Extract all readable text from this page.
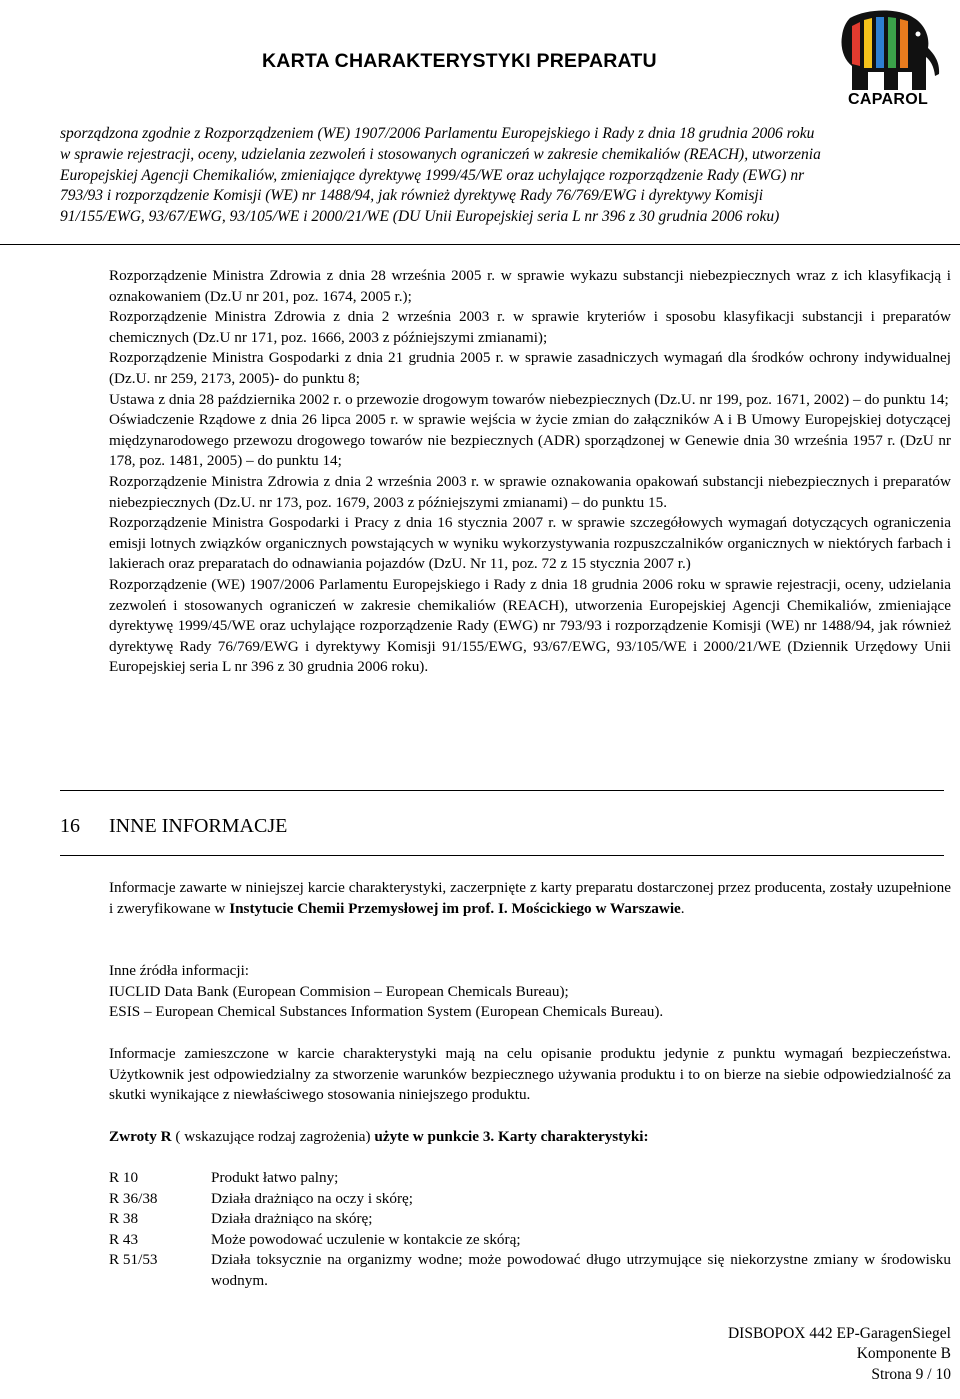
KARTA CHARAKTERYSTYKI PREPARATU
CAPAROL
sporządzona zgodnie z Rozporządzeniem (WE) 1907/2006 Parlamentu Europejskiego i Rady z dnia 18 grudnia 2006 roku
w sprawie rejestracji, oceny, udzielania zezwoleń i stosowanych ograniczeń w zakresie chemikaliów (REACH), utworzenia
Europejskiej Agencji Chemikaliów, zmieniające dyrektywę 1999/45/WE oraz uchylające rozporządzenie Rady (EWG) nr
793/93 i rozporządzenie Komisji (WE) nr 1488/94, jak również dyrektywę Rady 76/769/EWG i dyrektywy Komisji
91/155/EWG, 93/67/EWG, 93/105/WE i 2000/21/WE (DU Unii Europejskiej seria L nr 396 z 30 grudnia 2006 roku)

Rozporządzenie Ministra Zdrowia z dnia 28 września 2005 r. w sprawie wykazu substancji niebezpiecznych wraz z ich klasyfikacją i oznakowaniem (Dz.U nr 201, poz. 1674, 2005 r.);

Rozporządzenie Ministra Zdrowia z dnia 2 września 2003 r. w sprawie kryteriów i sposobu klasyfikacji substancji i preparatów chemicznych (Dz.U nr 171, poz. 1666, 2003 z późniejszymi zmianami);

Rozporządzenie Ministra Gospodarki z dnia 21 grudnia 2005 r. w sprawie zasadniczych wymagań dla środków ochrony indywidualnej (Dz.U. nr 259, 2173, 2005)- do punktu 8;

Ustawa z dnia 28 października 2002 r. o przewozie drogowym towarów niebezpiecznych (Dz.U. nr 199, poz. 1671, 2002) – do punktu 14;

Oświadczenie Rządowe z dnia 26 lipca 2005 r. w sprawie wejścia w życie zmian do załączników A i B Umowy Europejskiej dotyczącej międzynarodowego przewozu drogowego towarów nie bezpiecznych (ADR) sporządzonej w Genewie dnia 30 września 1957 r. (DzU nr 178, poz. 1481, 2005) – do punktu 14;

Rozporządzenie Ministra Zdrowia z dnia 2 września 2003 r. w sprawie oznakowania opakowań substancji niebezpiecznych i preparatów niebezpiecznych (Dz.U. nr 173, poz. 1679, 2003 z późniejszymi zmianami) – do punktu 15.

Rozporządzenie Ministra Gospodarki i Pracy z dnia 16 stycznia 2007 r. w sprawie szczegółowych wymagań dotyczących ograniczenia emisji lotnych związków organicznych powstających w wyniku wykorzystywania rozpuszczalników organicznych w niektórych farbach i lakierach oraz preparatach do odnawiania pojazdów (DzU. Nr 11, poz. 72 z 15 stycznia 2007 r.)

Rozporządzenie (WE) 1907/2006 Parlamentu Europejskiego i Rady z dnia 18 grudnia 2006 roku w sprawie rejestracji, oceny, udzielania zezwoleń i stosowanych ograniczeń w zakresie chemikaliów (REACH), utworzenia Europejskiej Agencji Chemikaliów, zmieniające dyrektywę 1999/45/WE oraz uchylające rozporządzenie Rady (EWG) nr 793/93 i rozporządzenie Komisji (WE) nr 1488/94, jak również dyrektywę Rady 76/769/EWG i dyrektywy Komisji 91/155/EWG, 93/67/EWG, 93/105/WE i 2000/21/WE (Dziennik Urzędowy Unii Europejskiej seria L nr 396 z 30 grudnia 2006 roku).

16 INNE INFORMACJE

Informacje zawarte w niniejszej karcie charakterystyki, zaczerpnięte z karty preparatu dostarczonej przez producenta, zostały uzupełnione i zweryfikowane w Instytucie Chemii Przemysłowej im prof. I. Mościckiego w Warszawie.

Inne źródła informacji:
IUCLID Data Bank (European Commision – European Chemicals Bureau);
ESIS – European Chemical Substances Information System (European Chemicals Bureau).

Informacje zamieszczone w karcie charakterystyki mają na celu opisanie produktu jedynie z punktu wymagań bezpieczeństwa. Użytkownik jest odpowiedzialny za stworzenie warunków bezpiecznego używania produktu i to on bierze na siebie odpowiedzialność za skutki wynikające z niewłaściwego stosowania niniejszego produktu.

Zwroty R ( wskazujące rodzaj zagrożenia) użyte w punkcie 3. Karty charakterystyki:

R 10	Produkt łatwo palny;
R 36/38	Działa drażniąco na oczy i skórę;
R 38	Działa drażniąco na skórę;
R 43	Może powodować uczulenie w kontakcie ze skórą;
R 51/53	Działa toksycznie na organizmy wodne; może powodować długo utrzymujące się niekorzystne zmiany w środowisku wodnym.
DISBOPOX 442 EP-GaragenSiegel
Komponente B
Strona 9 / 10
